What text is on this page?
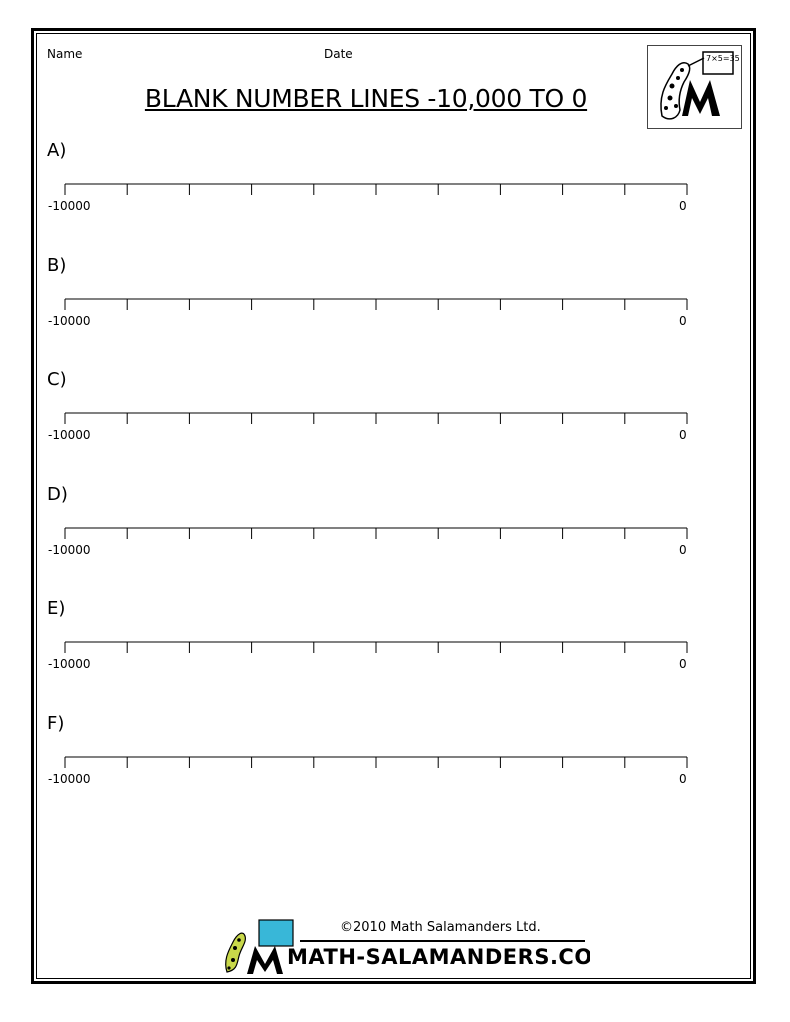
Name	Date
BLANK NUMBER LINES -10,000 TO 0
7×5=35
A)
-10000	0
B)
-10000	0
C)
-10000	0
D)
-10000	0
E)
-10000	0
F)
-10000	0
©2010 Math Salamanders Ltd.
MATH-SALAMANDERS.COM
